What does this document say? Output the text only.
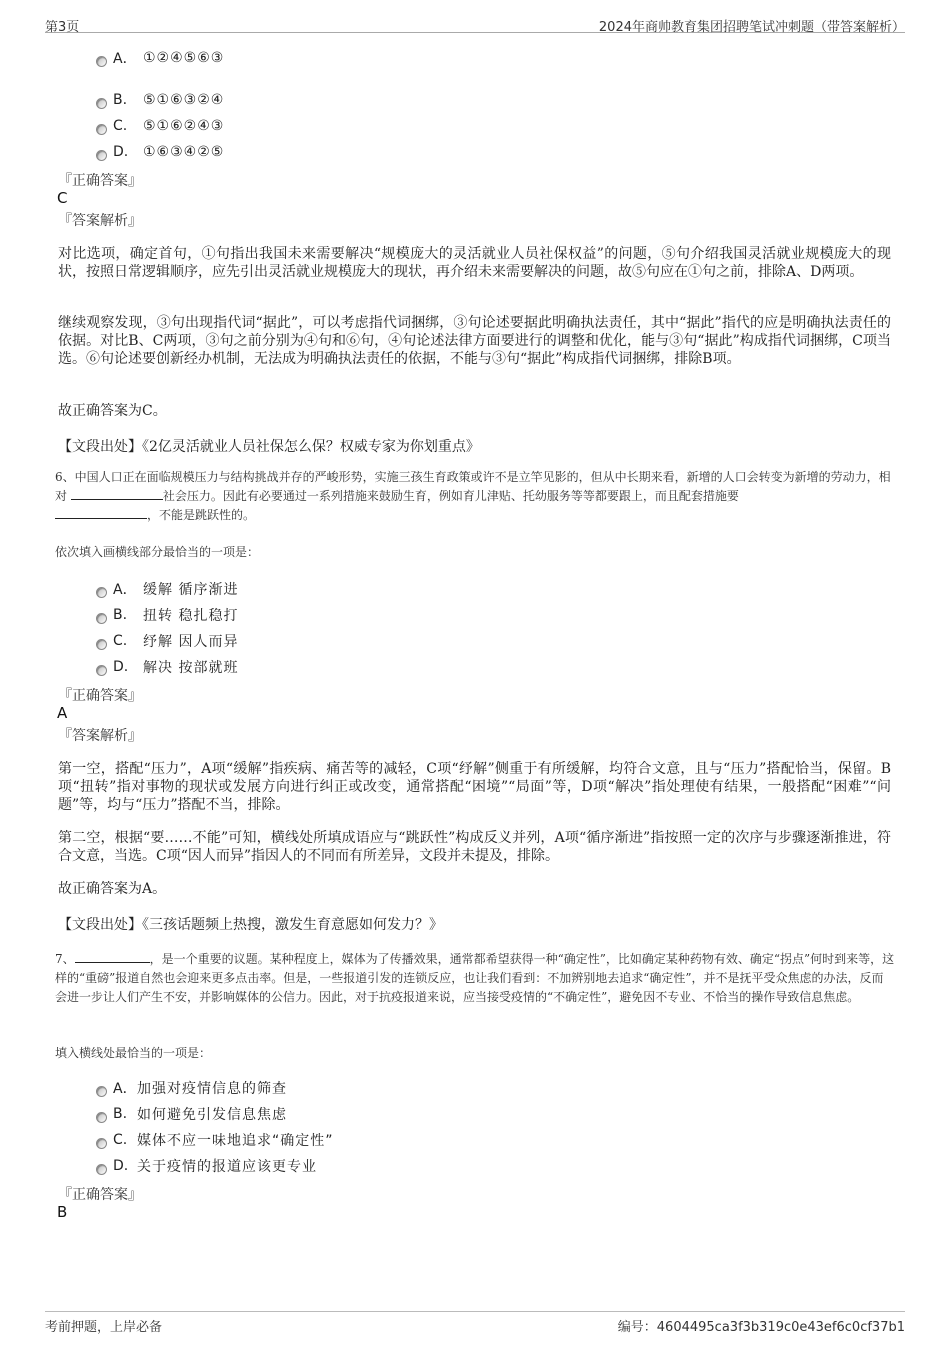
第3页	2024年商帅教育集团招聘笔试冲刺题（带答案解析）
A． ①②④⑤⑥③
B.	⑤①⑥③②④
C.	⑤①⑥②④③
D.	①⑥③④②⑤
『正确答案』
C
『答案解析』
对比选项，确定首句，①句指出我国未来需要解决“规模庞大的灵活就业人员社保权益”的问题，⑤句介绍我国灵活就业规模庞大的现状，按照日常逻辑顺序，应先引出灵活就业规模庞大的现状，再介绍未来需要解决的问题，故⑤句应在①句之前，排除A、D两项。
继续观察发现，③句出现指代词“据此”，可以考虑指代词捆绑，③句论述要据此明确执法责任，其中“据此”指代的应是明确执法责任的依据。对比B、C两项，③句之前分别为④句和⑥句，④句论述法律方面要进行的调整和优化，能与③句“据此”构成指代词捆绑，C项当选。⑥句论述要创新经办机制，无法成为明确执法责任的依据，不能与③句“据此”构成指代词捆绑，排除B项。
故正确答案为C。
【文段出处】《2亿灵活就业人员社保怎么保？权威专家为你划重点》
6、中国人口正在面临规模压力与结构挑战并存的严峻形势，实施三孩生育政策或许不是立竿见影的，但从中长期来看，新增的人口会转变为新增的劳动力，相对	社会压力。因此有必要通过一系列措施来鼓励生育，例如育儿津贴、托幼服务等等都要跟上，而且配套措施要
，不能是跳跃性的。
依次填入画横线部分最恰当的一项是：
A． 缓解 循序渐进
B.	扭转 稳扎稳打
C.	纾解 因人而异
D.	解决 按部就班
『正确答案』
A
『答案解析』
第一空，搭配“压力”，A项“缓解”指疾病、痛苦等的减轻，C项“纾解”侧重于有所缓解，均符合文意，且与“压力”搭配恰当，保留。B项“扭转”指对事物的现状或发展方向进行纠正或改变，通常搭配“困境”“局面”等，D项“解决”指处理使有结果，一般搭配“困难”“问题”等，均与“压力”搭配不当，排除。
第二空，根据“要……不能”可知，横线处所填成语应与“跳跃性”构成反义并列，A项“循序渐进”指按照一定的次序与步骤逐渐推进，符合文意，当选。C项“因人而异”指因人的不同而有所差异，文段并未提及，排除。
故正确答案为A。
【文段出处】《三孩话题频上热搜，激发生育意愿如何发力？》
7、	，是一个重要的议题。某种程度上，媒体为了传播效果，通常都希望获得一种“确定性”，比如确定某种药物有效、确定“拐点”何时到来等，这样的“重磅”报道自然也会迎来更多点击率。但是，一些报道引发的连锁反应，也让我们看到：不加辨别地去追求“确定性”，并不是抚平受众焦虑的办法，反而会进一步让人们产生不安，并影响媒体的公信力。因此，对于抗疫报道来说，应当接受疫情的“不确定性”，避免因不专业、不恰当的操作导致信息焦虑。
填入横线处最恰当的一项是：
A． 加强对疫情信息的筛查
B. 如何避免引发信息焦虑
C. 媒体不应一味地追求“确定性”
D. 关于疫情的报道应该更专业
『正确答案』
B
考前押题，上岸必备	编号：4604495ca3f3b319c0e43ef6c0cf37b1
